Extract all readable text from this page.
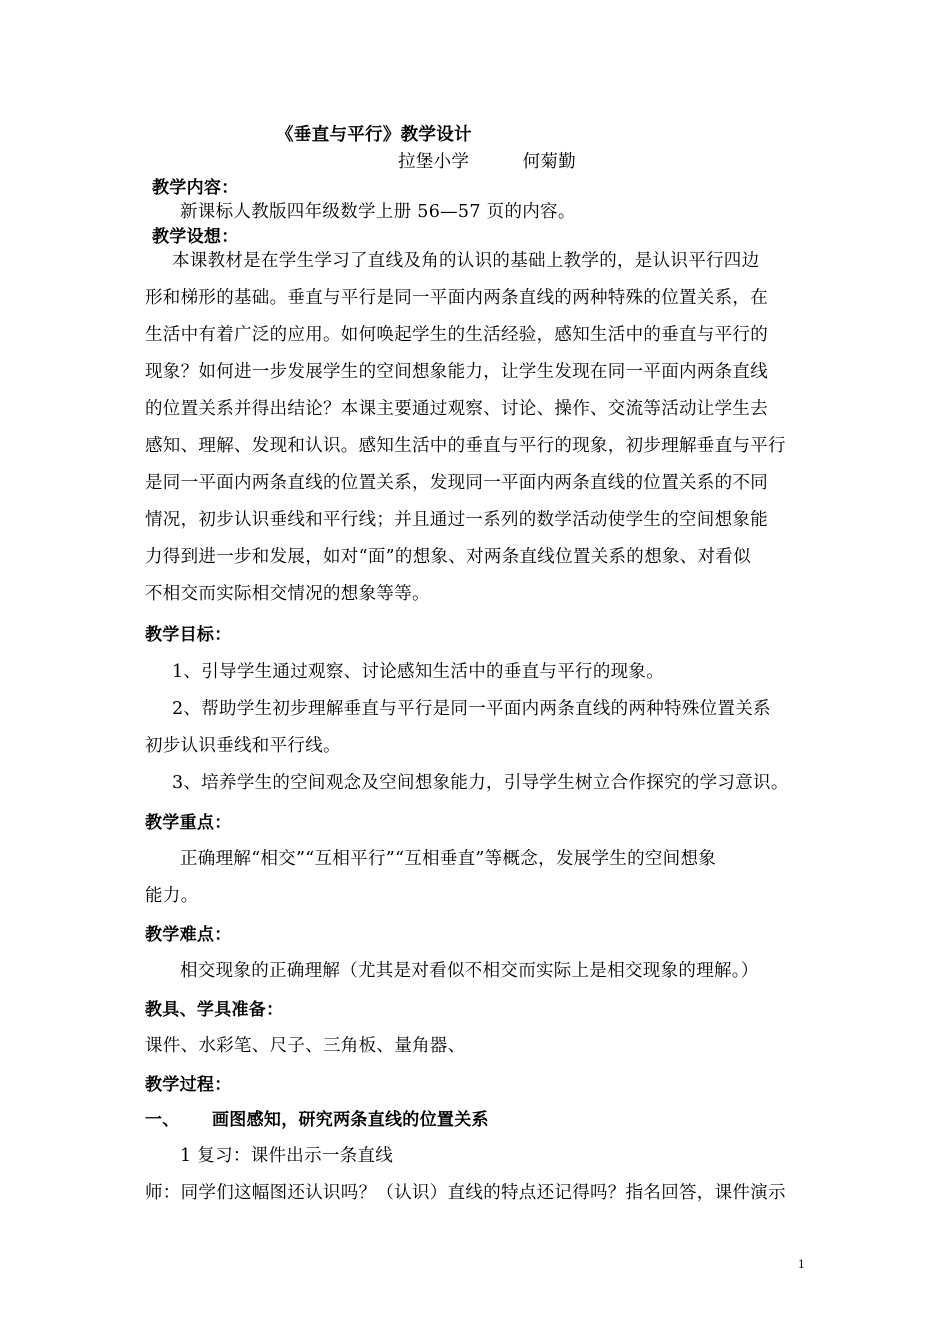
《垂直与平行》教学设计
拉堡小学　　　何菊勤
教学内容：
新课标人教版四年级数学上册 56—57 页的内容。
教学设想：
本课教材是在学生学习了直线及角的认识的基础上教学的，是认识平行四边
形和梯形的基础。垂直与平行是同一平面内两条直线的两种特殊的位置关系，在
生活中有着广泛的应用。如何唤起学生的生活经验，感知生活中的垂直与平行的
现象？如何进一步发展学生的空间想象能力，让学生发现在同一平面内两条直线
的位置关系并得出结论？本课主要通过观察、讨论、操作、交流等活动让学生去
感知、理解、发现和认识。感知生活中的垂直与平行的现象，初步理解垂直与平行
是同一平面内两条直线的位置关系，发现同一平面内两条直线的位置关系的不同
情况，初步认识垂线和平行线；并且通过一系列的数学活动使学生的空间想象能
力得到进一步和发展，如对“面”的想象、对两条直线位置关系的想象、对看似
不相交而实际相交情况的想象等等。
教学目标：
1、引导学生通过观察、讨论感知生活中的垂直与平行的现象。
2、帮助学生初步理解垂直与平行是同一平面内两条直线的两种特殊位置关系
初步认识垂线和平行线。
3、培养学生的空间观念及空间想象能力，引导学生树立合作探究的学习意识。
教学重点：
正确理解“相交”“互相平行”“互相垂直”等概念，发展学生的空间想象
能力。
教学难点：
相交现象的正确理解（尤其是对看似不相交而实际上是相交现象的理解。）
教具、学具准备：
课件、水彩笔、尺子、三角板、量角器、
教学过程：
一、 画图感知，研究两条直线的位置关系
1 复习：课件出示一条直线
师：同学们这幅图还认识吗？（认识）直线的特点还记得吗？指名回答，课件演示
1
